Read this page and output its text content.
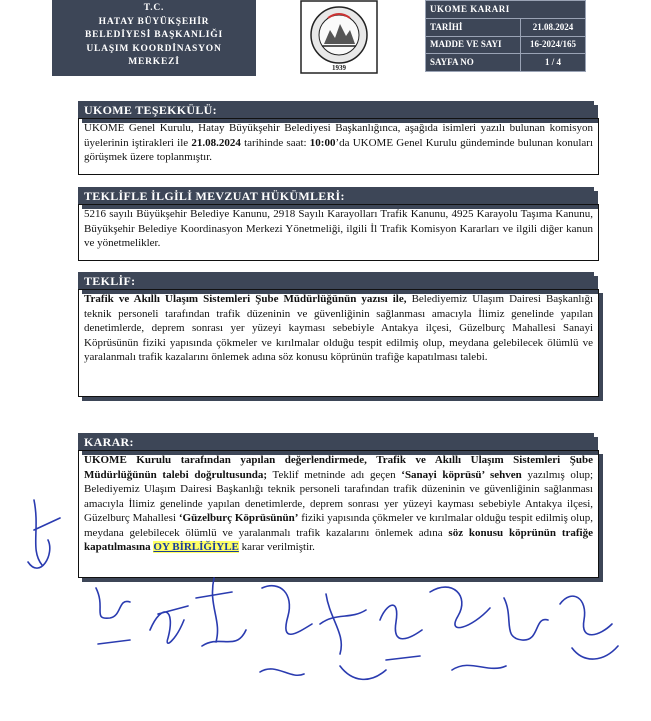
T.C.
HATAY BÜYÜKŞEHİR
BELEDİYESİ BAŞKANLIĞI
ULAŞIM KOORDİNASYON
MERKEZİ
1939
UKOME KARARI	
TARİHİ	21.08.2024
MADDE VE SAYI	16-2024/165
SAYFA NO	1 / 4
UKOME TEŞEKKÜLÜ:
UKOME Genel Kurulu, Hatay Büyükşehir Belediyesi Başkanlığınca, aşağıda isimleri yazılı bulunan komisyon üyelerinin iştirakleri ile 21.08.2024 tarihinde saat: 10:00’da UKOME Genel Kurulu gündeminde bulunan konuları görüşmek üzere toplanmıştır.
TEKLİFLE İLGİLİ MEVZUAT HÜKÜMLERİ:
5216 sayılı Büyükşehir Belediye Kanunu, 2918 Sayılı Karayolları Trafik Kanunu, 4925 Karayolu Taşıma Kanunu, Büyükşehir Belediye Koordinasyon Merkezi Yönetmeliği, ilgili İl Trafik Komisyon Kararları ve ilgili diğer kanun ve yönetmelikler.
TEKLİF:
Trafik ve Akıllı Ulaşım Sistemleri Şube Müdürlüğünün yazısı ile, Belediyemiz Ulaşım Dairesi Başkanlığı teknik personeli tarafından trafik düzeninin ve güvenliğinin sağlanması amacıyla İlimiz genelinde yapılan denetimlerde, deprem sonrası yer yüzeyi kayması sebebiyle Antakya ilçesi, Güzelburç Mahallesi Sanayi Köprüsünün fiziki yapısında çökmeler ve kırılmalar olduğu tespit edilmiş olup, meydana gelebilecek ölümlü ve yaralanmalı trafik kazalarını önlemek adına söz konusu köprünün trafiğe kapatılması talebi.
KARAR:
UKOME Kurulu tarafından yapılan değerlendirmede, Trafik ve Akıllı Ulaşım Sistemleri Şube Müdürlüğünün talebi doğrultusunda; Teklif metninde adı geçen ‘Sanayi köprüsü’ sehven yazılmış olup; Belediyemiz Ulaşım Dairesi Başkanlığı teknik personeli tarafından trafik düzeninin ve güvenliğinin sağlanması amacıyla İlimiz genelinde yapılan denetimlerde, deprem sonrası yer yüzeyi kayması sebebiyle Antakya ilçesi, Güzelburç Mahallesi ‘Güzelburç Köprüsünün’ fiziki yapısında çökmeler ve kırılmalar olduğu tespit edilmiş olup, meydana gelebilecek ölümlü ve yaralanmalı trafik kazalarını önlemek adına söz konusu köprünün trafiğe kapatılmasına OY BİRLİĞİYLE karar verilmiştir.
